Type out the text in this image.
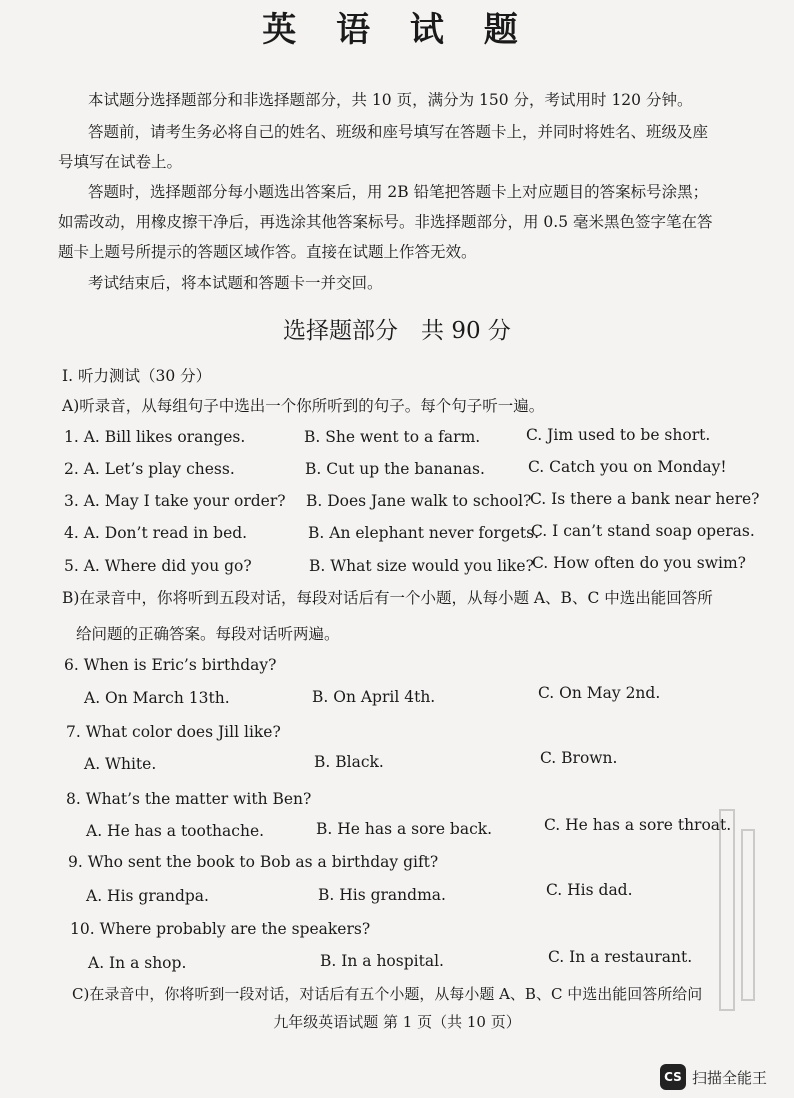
英 语 试 题
本试题分选择题部分和非选择题部分，共 10 页，满分为 150 分，考试用时 120 分钟。
答题前，请考生务必将自己的姓名、班级和座号填写在答题卡上，并同时将姓名、班级及座
号填写在试卷上。
答题时，选择题部分每小题选出答案后，用 2B 铅笔把答题卡上对应题目的答案标号涂黑；
如需改动，用橡皮擦干净后，再选涂其他答案标号。非选择题部分，用 0.5 毫米黑色签字笔在答
题卡上题号所提示的答题区域作答。直接在试题上作答无效。
考试结束后，将本试题和答题卡一并交回。
选择题部分　共 90 分
I. 听力测试（30 分）
A)听录音，从每组句子中选出一个你所听到的句子。每个句子听一遍。
1. A. Bill likes oranges.	B. She went to a farm.	C. Jim used to be short.
2. A. Let’s play chess.	B. Cut up the bananas.	C. Catch you on Monday!
3. A. May I take your order? B. Does Jane walk to school?
C. Is there a bank near here?
4. A. Don’t read in bed.	B. An elephant never forgets.
C. I can’t stand soap operas.
5. A. Where did you go?	B. What size would you like?
C. How often do you swim?
B)在录音中，你将听到五段对话，每段对话后有一个小题，从每小题 A、B、C 中选出能回答所
给问题的正确答案。每段对话听两遍。
6. When is Eric’s birthday?
A. On March 13th.	B. On April 4th.	C. On May 2nd.
7. What color does Jill like?
A. White.	B. Black.	C. Brown.
8. What’s the matter with Ben?
A. He has a toothache.	B. He has a sore back.	C. He has a sore throat.
9. Who sent the book to Bob as a birthday gift?
A. His grandpa.	B. His grandma.	C. His dad.
10. Where probably are the speakers?
A. In a shop.	B. In a hospital.	C. In a restaurant.
C)在录音中，你将听到一段对话，对话后有五个小题，从每小题 A、B、C 中选出能回答所给问
九年级英语试题 第 1 页（共 10 页）
CS 扫描全能王
